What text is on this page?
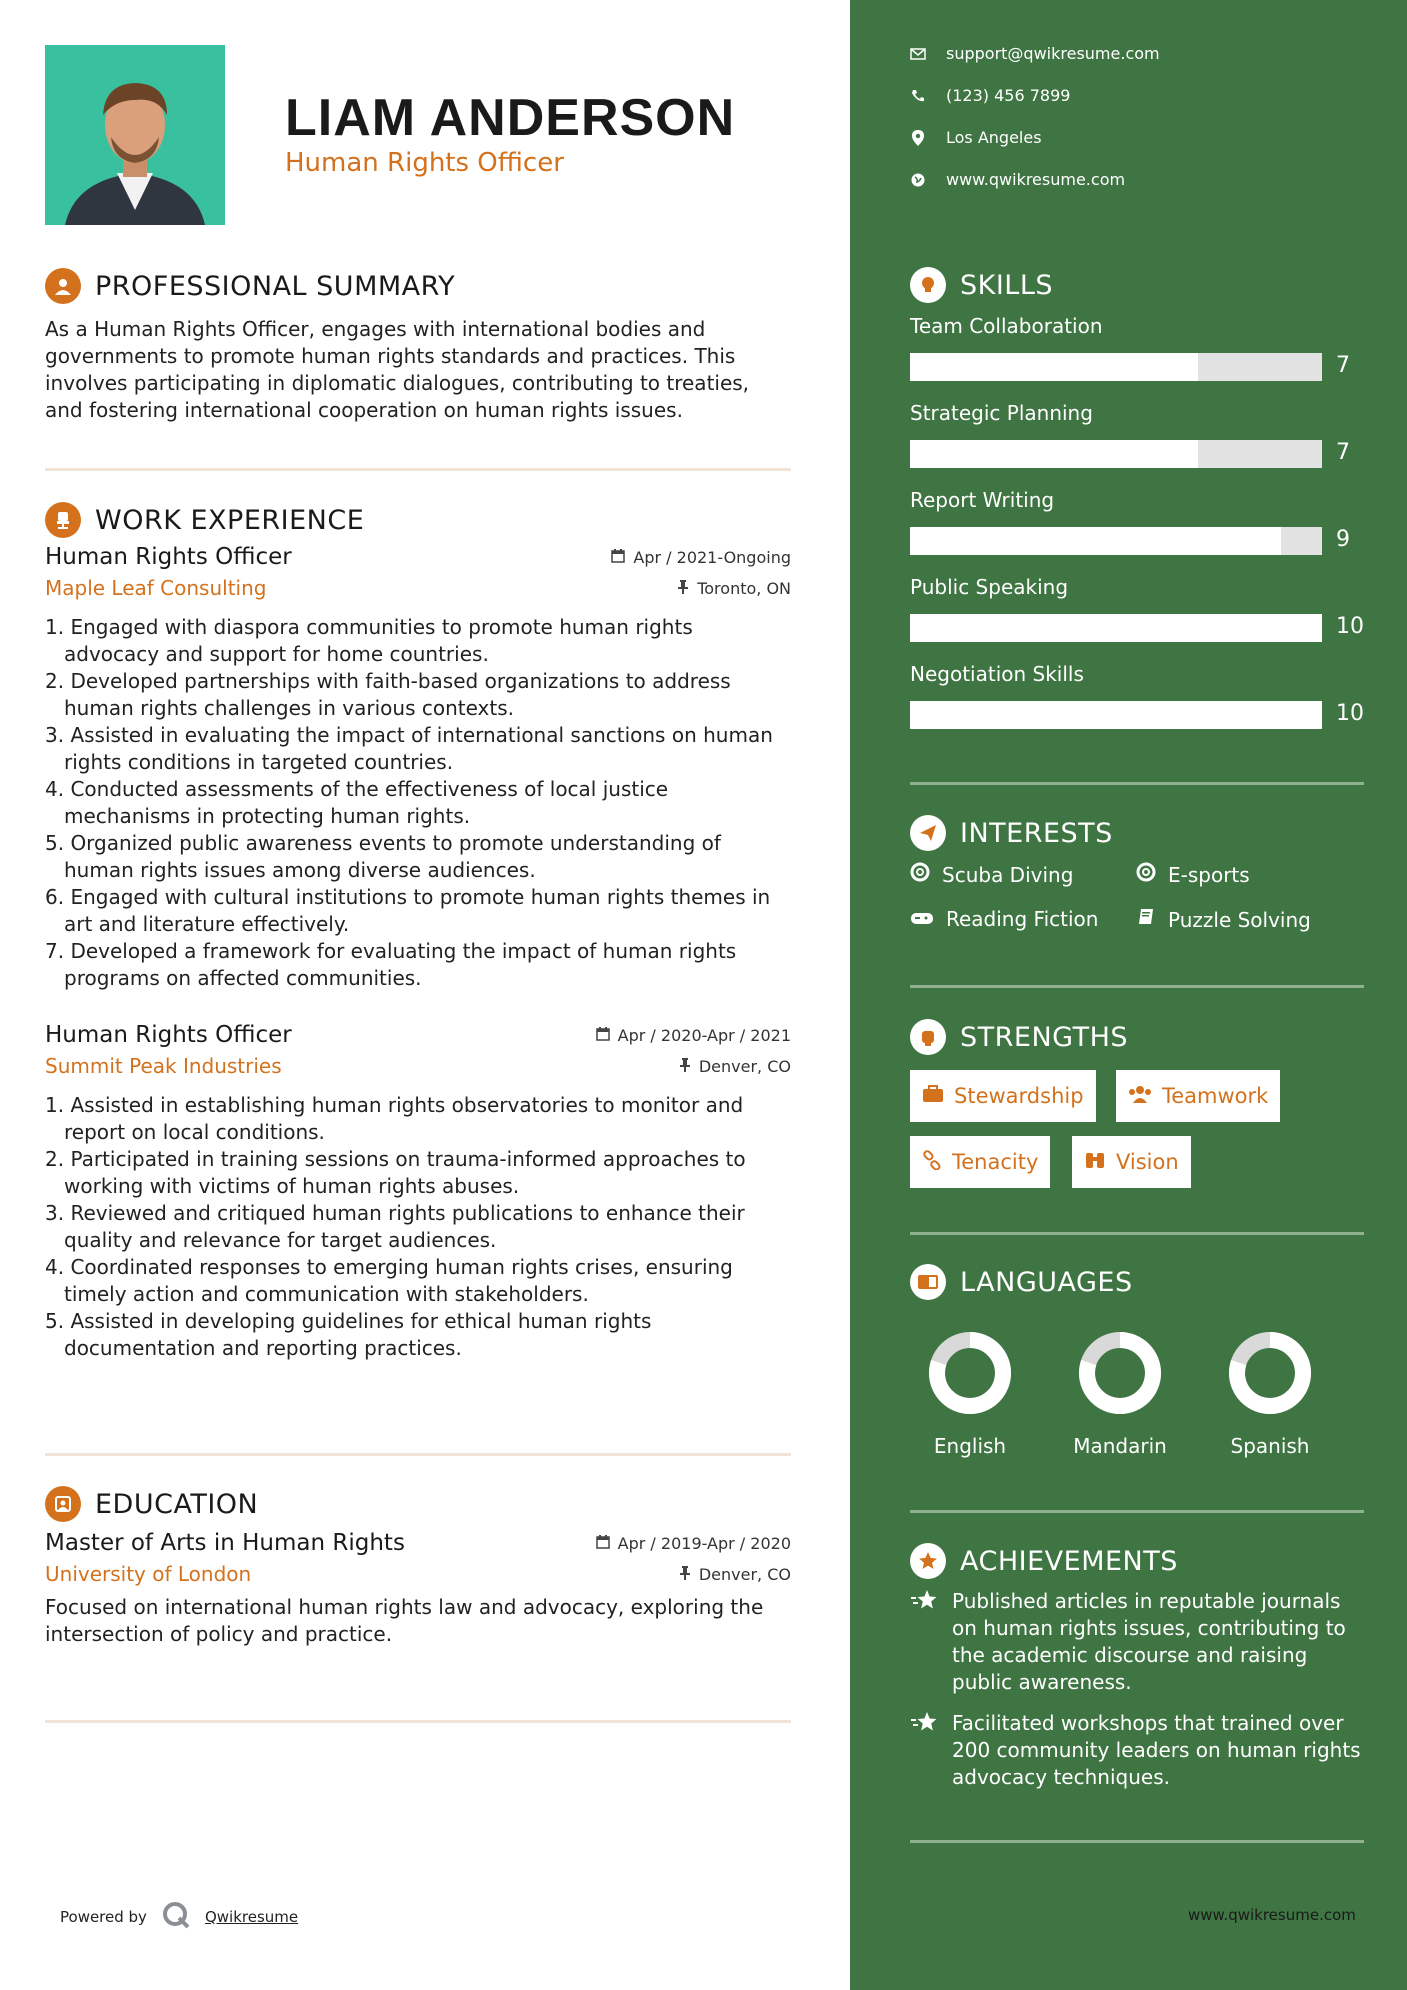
LIAM ANDERSON
Human Rights Officer
PROFESSIONAL SUMMARY

As a Human Rights Officer, engages with international bodies and governments to promote human rights standards and practices. This involves participating in diplomatic dialogues, contributing to treaties, and fostering international cooperation on human rights issues.

WORK EXPERIENCE
Human Rights Officer	Apr / 2021-Ongoing
Maple Leaf Consulting	Toronto, ON
1. Engaged with diaspora communities to promote human rights advocacy and support for home countries.
2. Developed partnerships with faith-based organizations to address human rights challenges in various contexts.
3. Assisted in evaluating the impact of international sanctions on human rights conditions in targeted countries.
4. Conducted assessments of the effectiveness of local justice mechanisms in protecting human rights.
5. Organized public awareness events to promote understanding of human rights issues among diverse audiences.
6. Engaged with cultural institutions to promote human rights themes in art and literature effectively.
7. Developed a framework for evaluating the impact of human rights programs on affected communities.
Human Rights Officer	Apr / 2020-Apr / 2021
Summit Peak Industries	Denver, CO
1. Assisted in establishing human rights observatories to monitor and report on local conditions.
2. Participated in training sessions on trauma-informed approaches to working with victims of human rights abuses.
3. Reviewed and critiqued human rights publications to enhance their quality and relevance for target audiences.
4. Coordinated responses to emerging human rights crises, ensuring timely action and communication with stakeholders.
5. Assisted in developing guidelines for ethical human rights documentation and reporting practices.
EDUCATION
Master of Arts in Human Rights	Apr / 2019-Apr / 2020
University of London	Denver, CO

Focused on international human rights law and advocacy, exploring the intersection of policy and practice.

Powered by	Qwikresume
support@qwikresume.com
(123) 456 7899
Los Angeles
www.qwikresume.com
SKILLS
Team Collaboration
7
Strategic Planning
7
Report Writing
9
Public Speaking
10
Negotiation Skills
10
INTERESTS
Scuba Diving	E-sports
Reading Fiction	Puzzle Solving
STRENGTHS
Stewardship	Teamwork
Tenacity	Vision
LANGUAGES
English	Mandarin	Spanish
ACHIEVEMENTS
Published articles in reputable journals on human rights issues, contributing to the academic discourse and raising public awareness.
Facilitated workshops that trained over 200 community leaders on human rights advocacy techniques.
www.qwikresume.com
